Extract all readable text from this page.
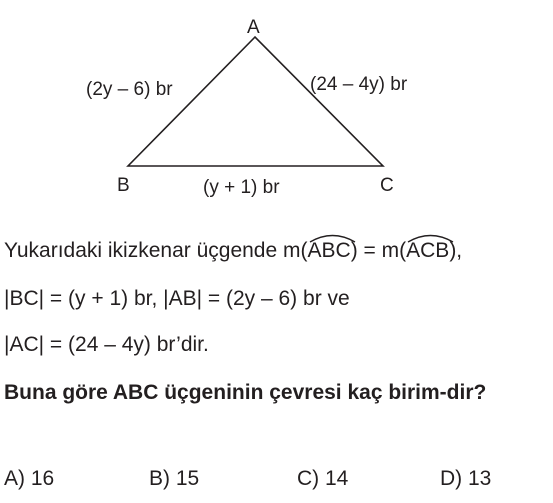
A
B	C
(2y – 6) br	(24 – 4y) br
(y + 1) br
Yukarıdaki ikizkenar üçgende m(
ABC) = m(
ACB),
|BC| = (y + 1) br, |AB| = (2y – 6) br ve
|AC| = (24 – 4y) br’dir.
Buna göre ABC üçgeninin çevresi kaç birim-dir?
A) 16	B) 15	C) 14	D) 13
